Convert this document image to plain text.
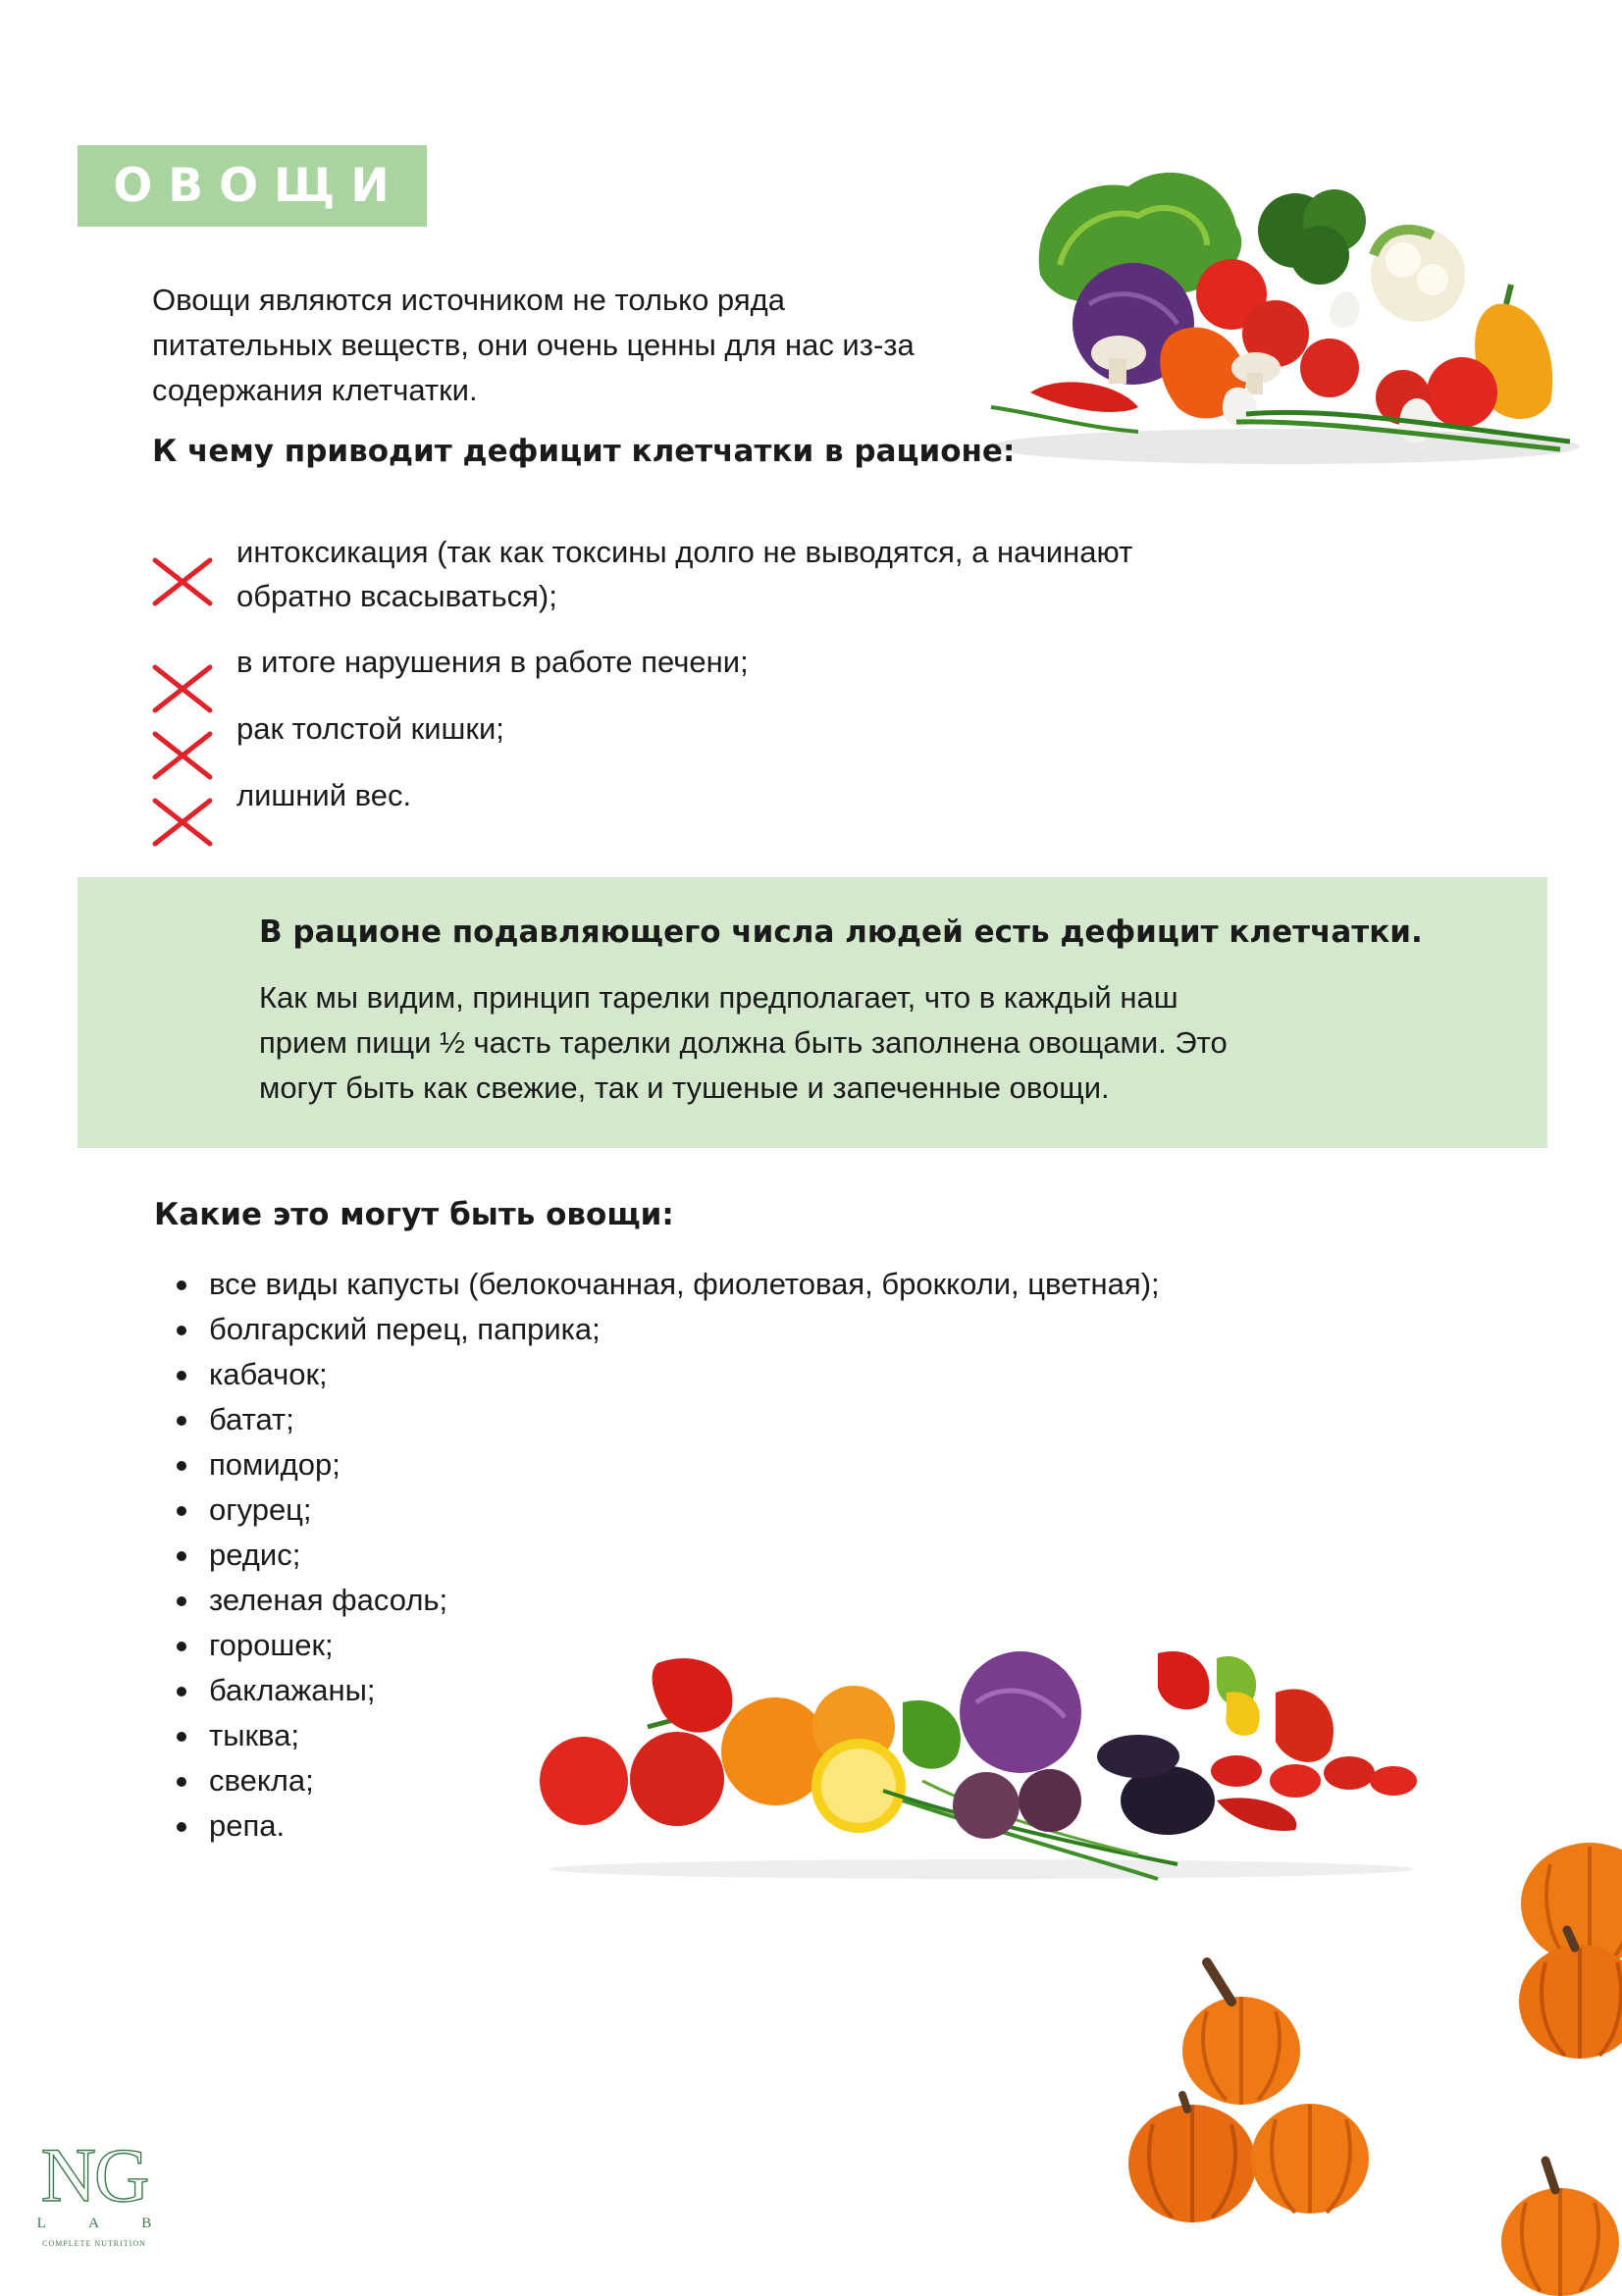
ОВОЩИ
Овощи являются источником не только ряда
питательных веществ, они очень ценны для нас из-за
содержания клетчатки.
К чему приводит дефицит клетчатки в рационе:
интоксикация (так как токсины долго не выводятся, а начинают
обратно всасываться);
в итоге нарушения в работе печени;
рак толстой кишки;
лишний вес.
В рационе подавляющего числа людей есть дефицит клетчатки.
Как мы видим, принцип тарелки предполагает, что в каждый наш
прием пищи ½ часть тарелки должна быть заполнена овощами. Это
могут быть как свежие, так и тушеные и запеченные овощи.
Какие это могут быть овощи:
все виды капусты (белокочанная, фиолетовая, брокколи, цветная);
болгарский перец, паприка;
кабачок;
батат;
помидор;
огурец;
редис;
зеленая фасоль;
горошек;
баклажаны;
тыква;
свекла;
репа.
NG
L	A	B
COMPLETE NUTRITION
